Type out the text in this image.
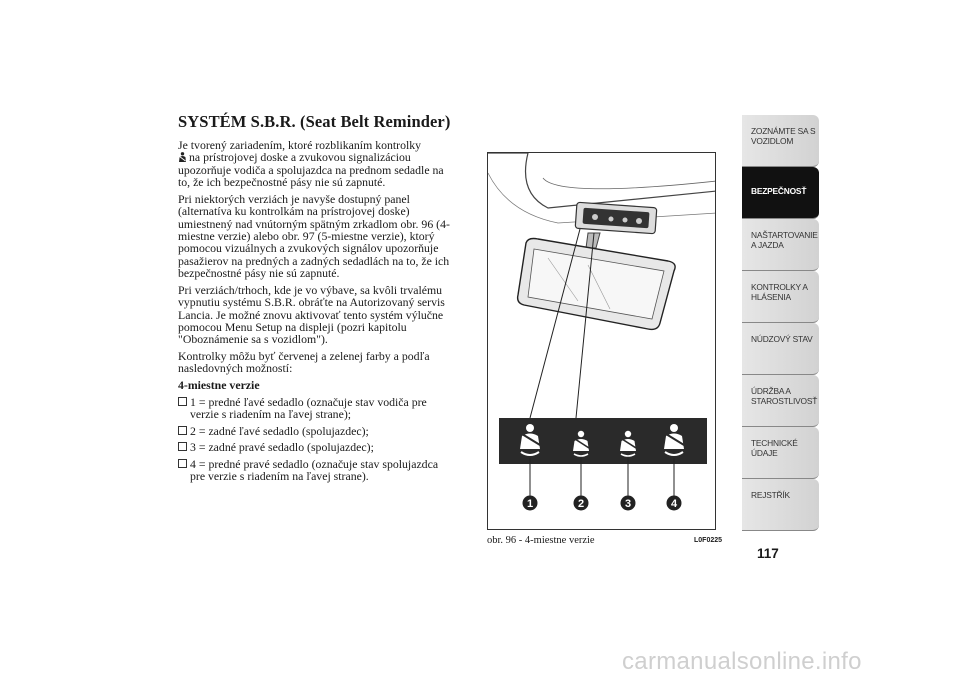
SYSTÉM S.B.R. (Seat Belt Reminder)

Je tvorený zariadením, ktoré rozblikaním kontrolky
na prístrojovej doske a zvukovou signalizáciou upozorňuje vodiča a spolujazdca na prednom sedadle na to, že ich bezpečnostné pásy nie sú zapnuté.

Pri niektorých verziách je navyše dostupný panel (alternatíva ku kontrolkám na prístrojovej doske) umiestnený nad vnútorným spätným zrkadlom obr. 96 (4-miestne verzie) alebo obr. 97 (5-miestne verzie), ktorý pomocou vizuálnych a zvukových signálov upozorňuje pasažierov na predných a zadných sedadlách na to, že ich bezpečnostné pásy nie sú zapnuté.

Pri verziách/trhoch, kde je vo výbave, sa kvôli trvalému vypnutiu systému S.B.R. obráťte na Autorizovaný servis Lancia. Je možné znovu aktivovať tento systém výlučne pomocou Menu Setup na displeji (pozri kapitolu "Oboznámenie sa s vozidlom").

Kontrolky môžu byť červenej a zelenej farby a podľa nasledovných možností:

4-miestne verzie

1 = predné ľavé sedadlo (označuje stav vodiča pre verzie s riadením na ľavej strane);
2 = zadné ľavé sedadlo (spolujazdec);
3 = zadné pravé sedadlo (spolujazdec);
4 = predné pravé sedadlo (označuje stav spolujazdca pre verzie s riadením na ľavej strane).
1	2	3	4
obr. 96 - 4-miestne verzie	L0F0225
ZOZNÁMTE SA S VOZIDLOM
BEZPEČNOSŤ
NAŠTARTOVANIE A JAZDA
KONTROLKY A HLÁSENIA
NÚDZOVÝ STAV
ÚDRŽBA A STAROSTLIVOSŤ
TECHNICKÉ ÚDAJE
REJSTŘÍK
117
carmanualsonline.info
